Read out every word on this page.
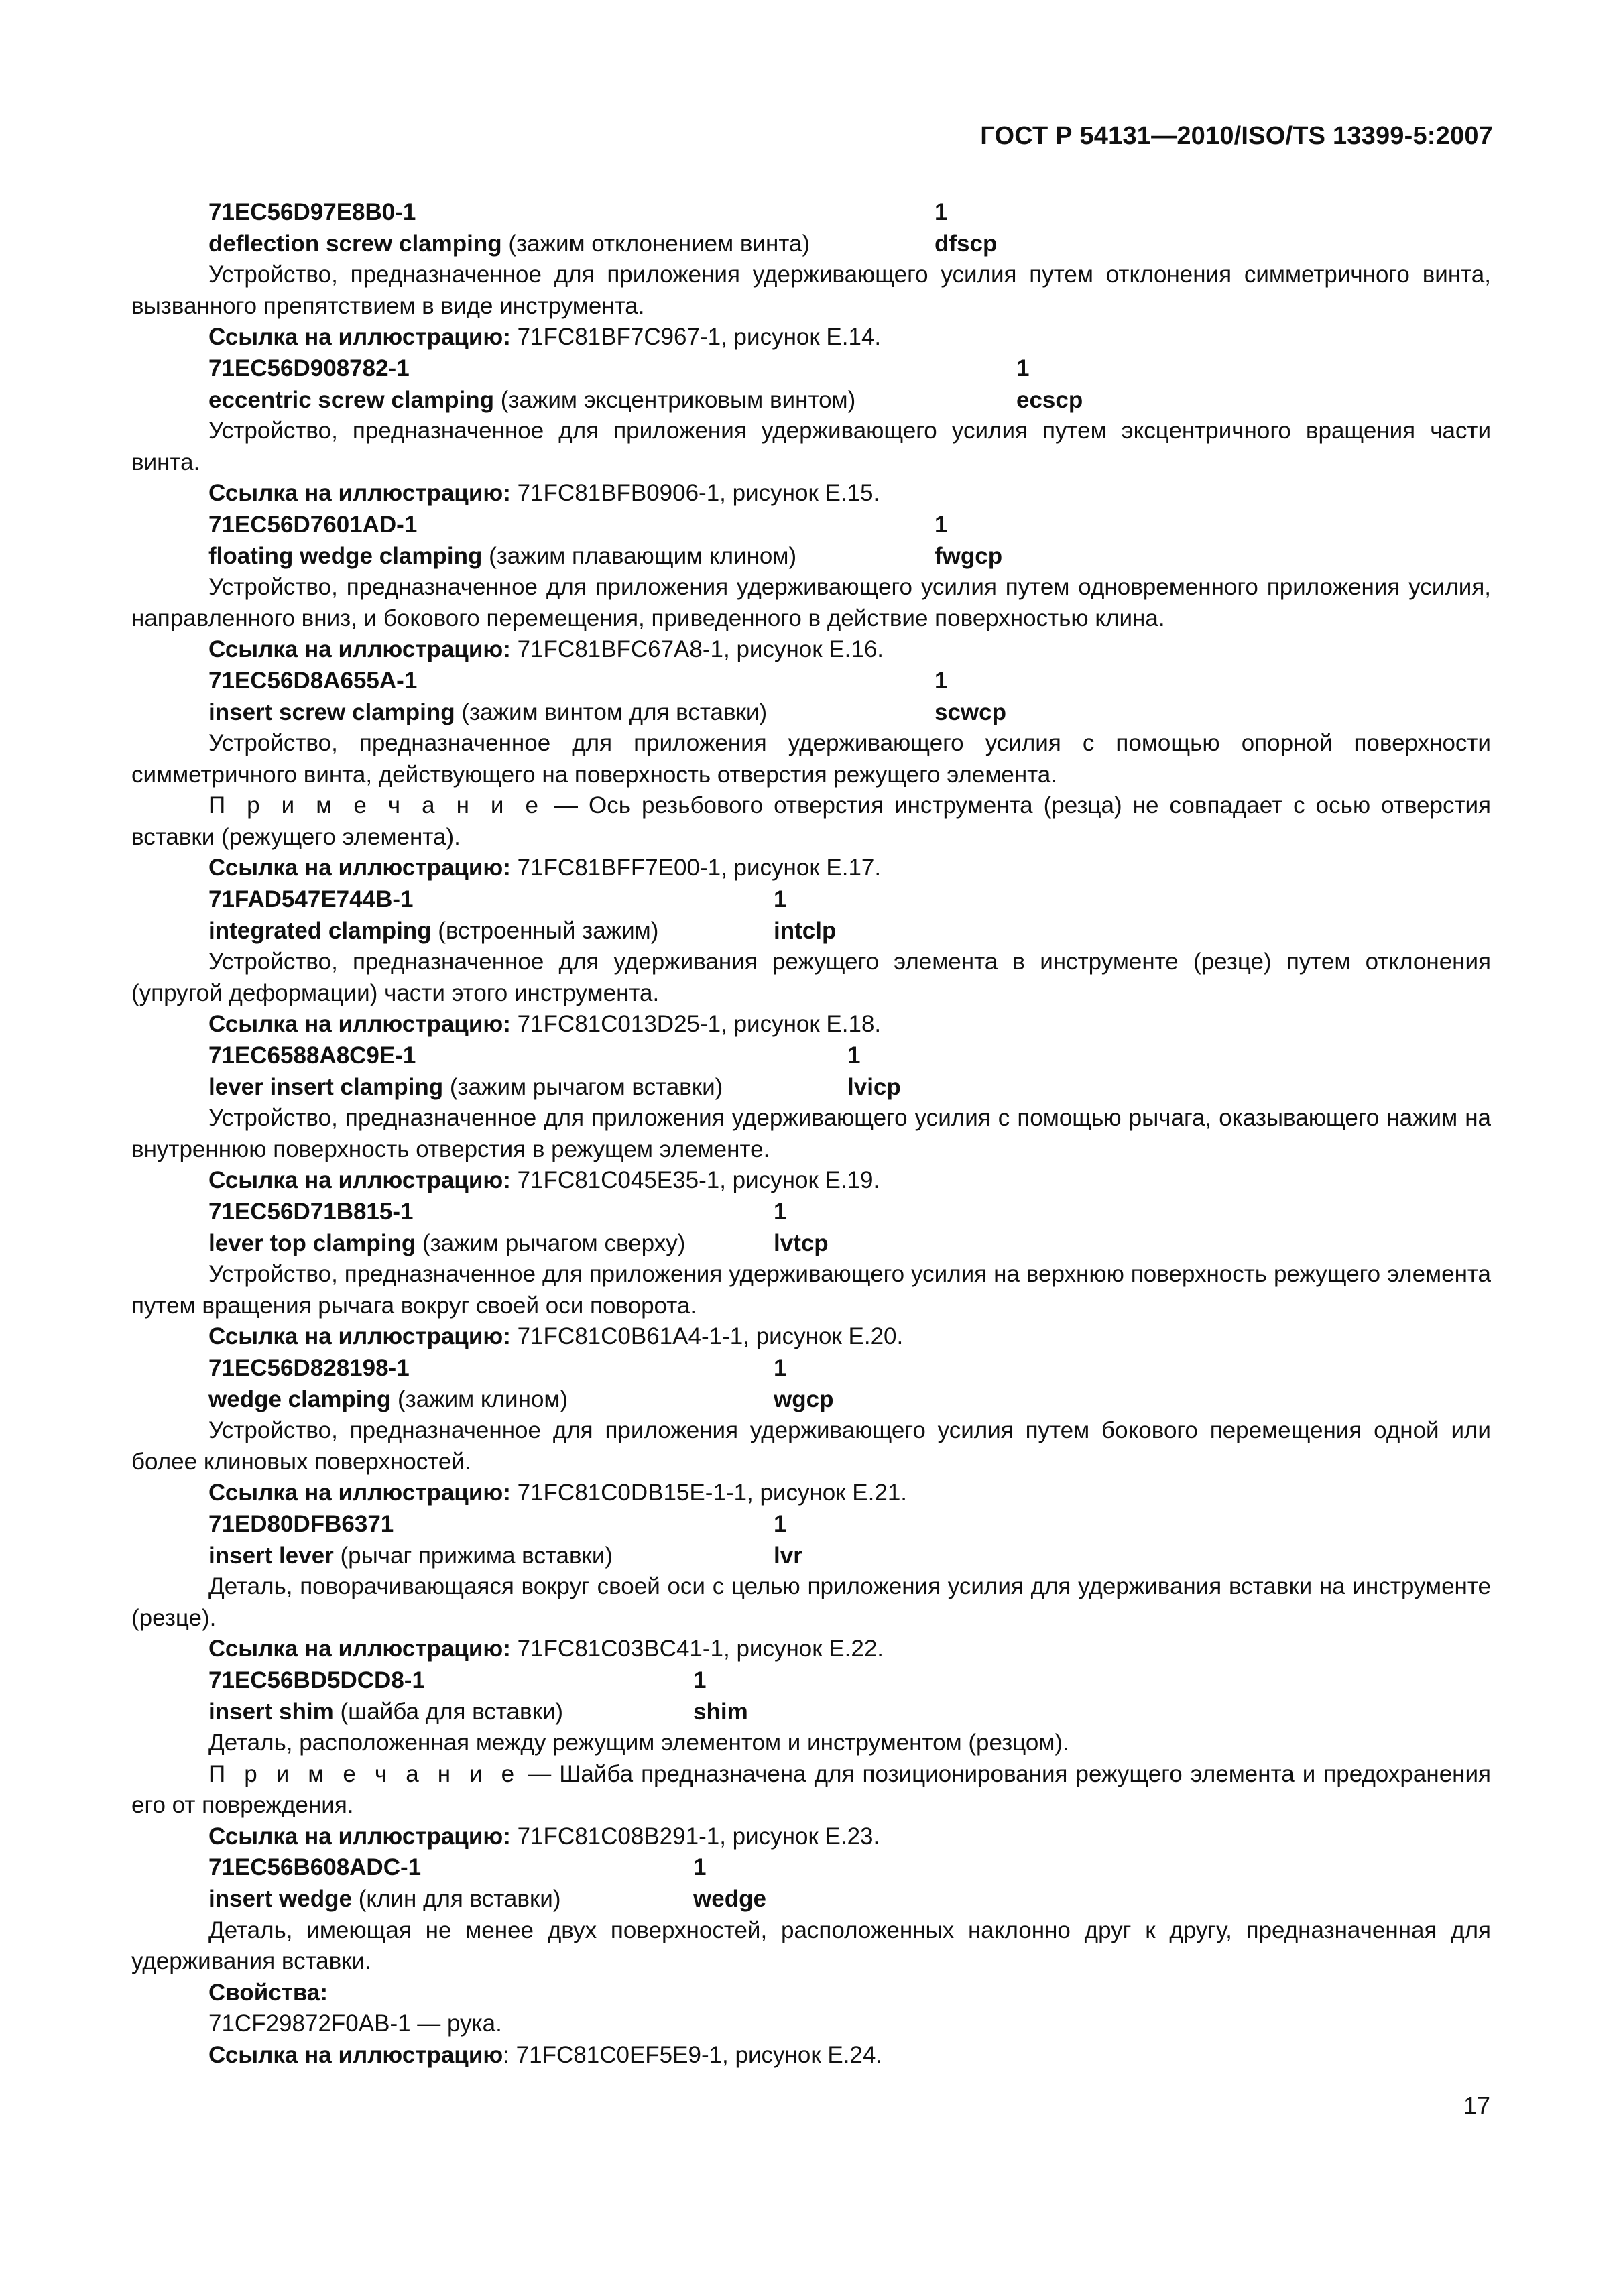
ГОСТ Р 54131—2010/ISO/TS 13399-5:2007
71EC56D97E8B0-1	1
deflection screw clamping (зажим отклонением винта)	dfscp

Устройство, предназначенное для приложения удерживающего усилия путем отклонения симметричного винта, вызванного препятствием в виде инструмента.

Ссылка на иллюстрацию: 71FC81BF7C967-1, рисунок Е.14.
71EC56D908782-1	1
eccentric screw clamping (зажим эксцентриковым винтом)	ecscp

Устройство, предназначенное для приложения удерживающего усилия путем эксцентричного вращения части винта.

Ссылка на иллюстрацию: 71FC81BFB0906-1, рисунок Е.15.
71EC56D7601AD-1	1
floating wedge clamping (зажим плавающим клином)	fwgcp

Устройство, предназначенное для приложения удерживающего усилия путем одновременного приложения усилия, направленного вниз, и бокового перемещения, приведенного в действие поверхностью клина.

Ссылка на иллюстрацию: 71FC81BFC67A8-1, рисунок Е.16.
71EC56D8A655A-1	1
insert screw clamping (зажим винтом для вставки)	scwcp

Устройство, предназначенное для приложения удерживающего усилия с помощью опорной поверхности симметричного винта, действующего на поверхность отверстия режущего элемента.

П р и м е ч а н и е — Ось резьбового отверстия инструмента (резца) не совпадает с осью отверстия вставки (режущего элемента).

Ссылка на иллюстрацию: 71FC81BFF7E00-1, рисунок Е.17.
71FAD547E744B-1	1
integrated clamping (встроенный зажим)	intclp

Устройство, предназначенное для удерживания режущего элемента в инструменте (резце) путем отклонения (упругой деформации) части этого инструмента.

Ссылка на иллюстрацию: 71FC81C013D25-1, рисунок Е.18.
71EC6588A8C9E-1	1
lever insert clamping (зажим рычагом вставки)	lvicp

Устройство, предназначенное для приложения удерживающего усилия с помощью рычага, оказывающего нажим на внутреннюю поверхность отверстия в режущем элементе.

Ссылка на иллюстрацию: 71FC81C045E35-1, рисунок Е.19.
71EC56D71B815-1	1
lever top clamping (зажим рычагом сверху)	lvtcp

Устройство, предназначенное для приложения удерживающего усилия на верхнюю поверхность режущего элемента путем вращения рычага вокруг своей оси поворота.

Ссылка на иллюстрацию: 71FC81C0B61A4-1-1, рисунок Е.20.
71EC56D828198-1	1
wedge clamping (зажим клином)	wgcp

Устройство, предназначенное для приложения удерживающего усилия путем бокового перемещения одной или более клиновых поверхностей.

Ссылка на иллюстрацию: 71FC81C0DB15E-1-1, рисунок Е.21.
71ED80DFB6371	1
insert lever (рычаг прижима вставки)	lvr

Деталь, поворачивающаяся вокруг своей оси с целью приложения усилия для удерживания вставки на инструменте (резце).

Ссылка на иллюстрацию: 71FC81C03BC41-1, рисунок Е.22.
71EC56BD5DCD8-1	1
insert shim (шайба для вставки)	shim

Деталь, расположенная между режущим элементом и инструментом (резцом).

П р и м е ч а н и е — Шайба предназначена для позиционирования режущего элемента и предохранения его от повреждения.

Ссылка на иллюстрацию: 71FC81C08B291-1, рисунок Е.23.
71EC56B608ADC-1	1
insert wedge (клин для вставки)	wedge

Деталь, имеющая не менее двух поверхностей, расположенных наклонно друг к другу, предназначенная для удерживания вставки.

Свойства:
71CF29872F0AB-1 — рука.
Ссылка на иллюстрацию: 71FC81C0EF5E9-1, рисунок Е.24.
17
